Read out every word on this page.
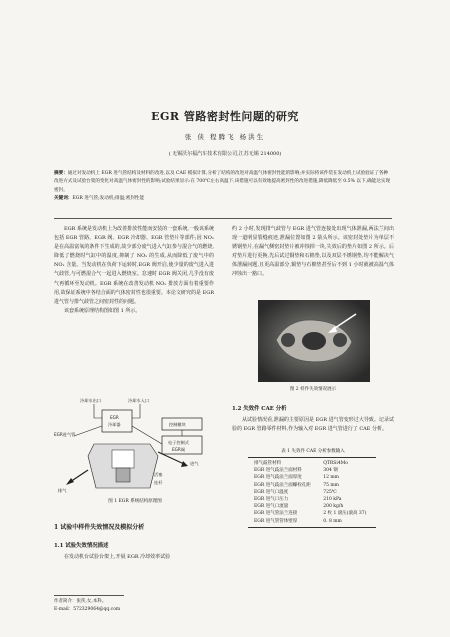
EGR 管路密封性问题的研究
张 侠 程腾飞 杨洪生
( 无锡沃尔福汽车技术有限公司,江苏无锡 214000)
摘要：通过对发动机上 EGR 进气管结构及材料的改进,以及 CAE 模拟计算,分析了结构的改进对高温气体密封性能的影响;并实际将该件装在发动机上试验验证了各种改进方式及试验台架的变化对高温气体密封性的影响;试验结果显示:在 700℃左右高温下,该措施可以有效地提高密封性的改进措施,降低降低至 0.5% 以下,确能达实现密封。
关键词：EGR 进气管;发动机;排温;密封性能

EGR 系统是发动机上为改善排放性能而安装的一套系统,一般该系统包括 EGR 管路、EGR 阀、EGR 冷却器、EGR 管垫片等部件;因 NOₓ 是在高温富氧的条件下生成的,故少部分废气进入气缸参与混合气的燃烧,降低了燃烧时气缸中的温度,抑制了 NOₓ 的生成,从而降低了废气中的 NOₓ 含量。当发动机在负荷下运转时,EGR 阀开启,使少量的废气进入进气歧管,与可燃混合气一起进入燃烧室。怠速时 EGR 阀关闭,几乎没有废气再循环至发动机。EGR 系统在改善发动机 NOₓ 排放方面有着重要作用,故保证系统中各结合面的气体密封性也很重要。本论文研究的是 EGR 进气管与排气歧管之间密封性的问题。

该套系统原理结构图如图 1 所示。

冷却水出口	冷却水入口
EGR
冷却器	控制模块
电子控制式
EGR阀
EGR进气管
进气
排气
活塞
连杆
图 1 EGR 系统结构原理图
1 试验中样件失效情况及模拟分析
1.1 试验失效情况描述

在发动机台试验台架上,开展 EGR 冷却效率试验

作者简介：张侠,女,本科。
E-mail：572329064@qq.com

约 2 小时,发现排气歧管与 EGR 进气管连接处出现气体泄漏,两法兰间出现一道明显裂缝痕迹,泄漏位置如图 2 箭头所示。该密封处垫片为单层不锈钢垫片,在漏气侧密封垫片被冲蚀掉一块,失效后的垫片如图 2 所示。后对垫片进行更换,先后试过铜垫和石棉垫,以及双层不锈钢垫,均不能解决气体泄漏问题,且更高温部分,铜垫与石棉垫甚至后不到 1 小时就被高温气体冲蚀出一豁口。

图 2 样件失效情况展示
1.2 失效件 CAE 分析

从试验情况看,泄漏的主要原因是 EGR 进气管变形过大导致。记录试验的 EGR 管路零件材料,作为输入对 EGR 进气管进行了 CAE 分析。

表 1 失效件 CAE 分析参数输入
排气歧管材料	QTRSi4Mo
EGR 进气歧法兰面材料	304 钢
EGR 进气歧法兰面厚度	12 mm
EGR 进气歧法兰面螺栓孔距	75 mm
EGR 进气口温度	725℃
EGR 进气口压力	210 kPa
EGR 进气口流量	200 kg/h
EGR 进气管法兰连接	2 枚 1 滚压(滚高 37)
EGR 进气管管体壁厚	0. 8 mm
